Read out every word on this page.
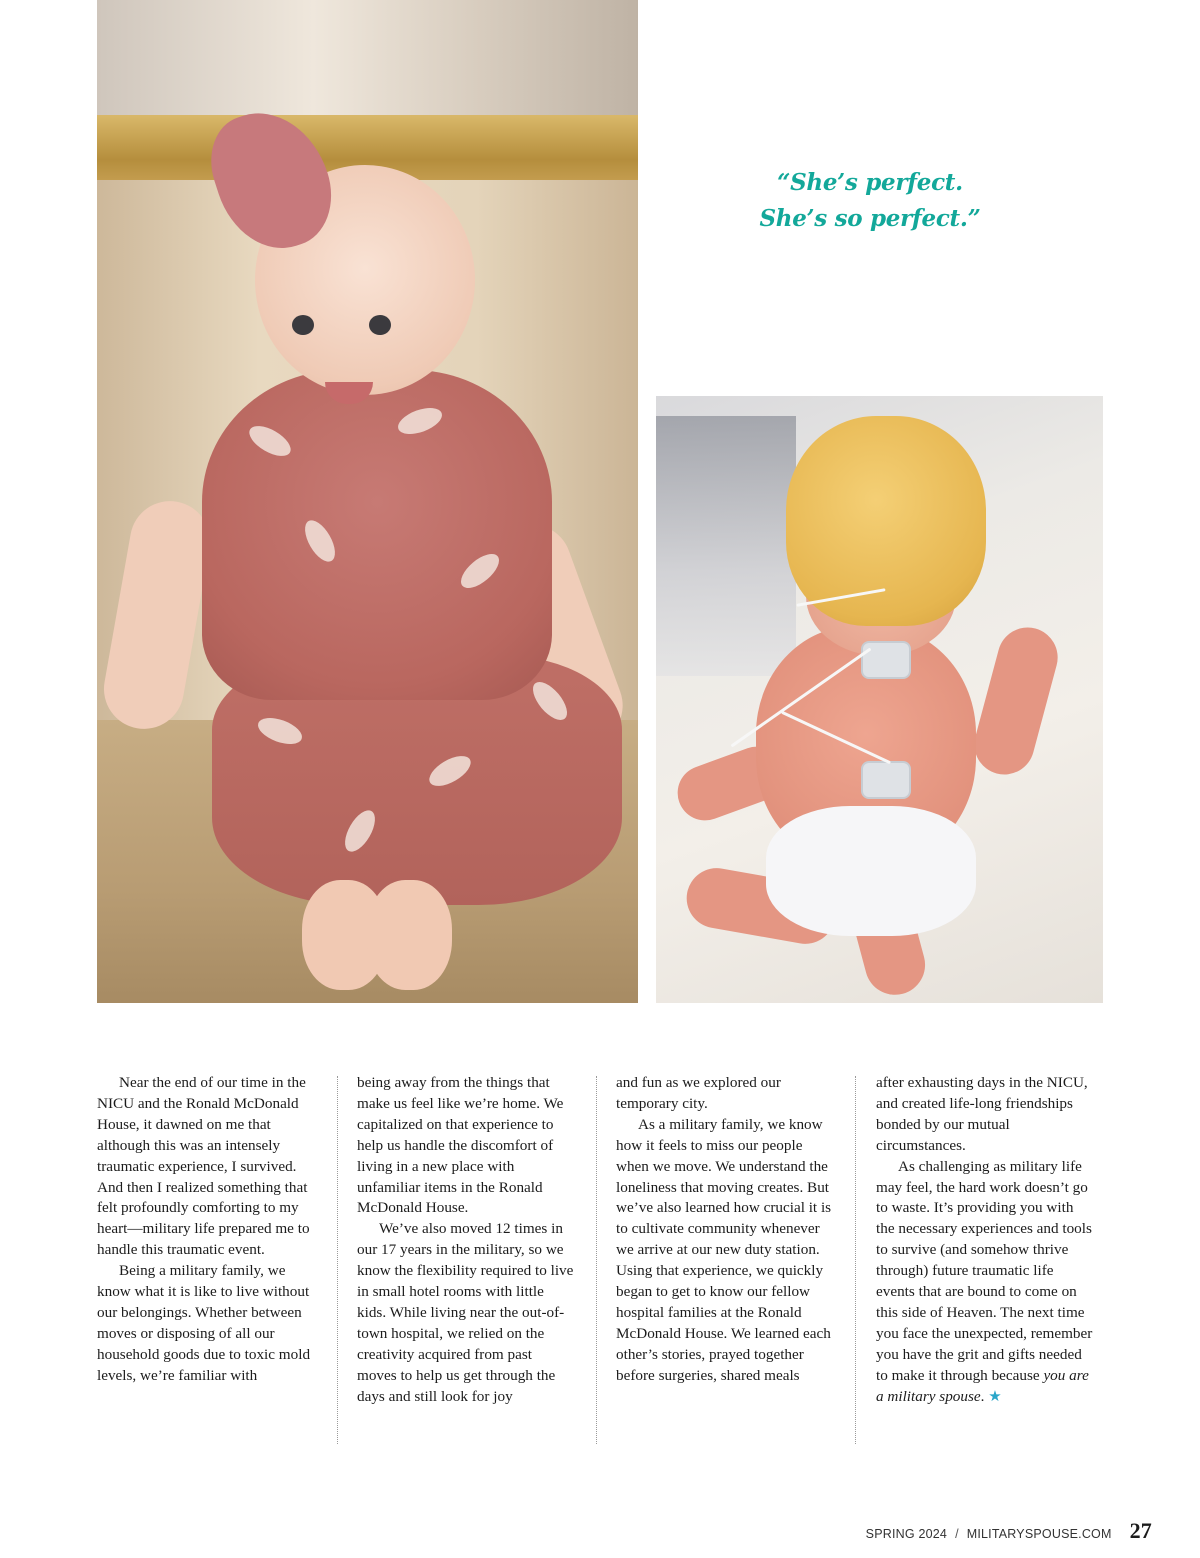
“She’s perfect.
She’s so perfect.”

Near the end of our time in the NICU and the Ronald McDonald House, it dawned on me that although this was an intensely traumatic experience, I survived. And then I realized something that felt profoundly comforting to my heart—military life prepared me to handle this traumatic event.

Being a military family, we know what it is like to live without our belongings. Whether between moves or disposing of all our household goods due to toxic mold levels, we’re familiar with

being away from the things that make us feel like we’re home. We capitalized on that experience to help us handle the discomfort of living in a new place with unfamiliar items in the Ronald McDonald House.

We’ve also moved 12 times in our 17 years in the military, so we know the flexibility required to live in small hotel rooms with little kids. While living near the out-of-town hospital, we relied on the creativity acquired from past moves to help us get through the days and still look for joy

and fun as we explored our temporary city.

As a military family, we know how it feels to miss our people when we move. We understand the loneliness that moving creates. But we’ve also learned how crucial it is to cultivate community whenever we arrive at our new duty station. Using that experience, we quickly began to get to know our fellow hospital families at the Ronald McDonald House. We learned each other’s stories, prayed together before surgeries, shared meals

after exhausting days in the NICU, and created life-long friendships bonded by our mutual circumstances.

As challenging as military life may feel, the hard work doesn’t go to waste. It’s providing you with the necessary experiences and tools to survive (and somehow thrive through) future traumatic life events that are bound to come on this side of Heaven. The next time you face the unexpected, remember you have the grit and gifts needed to make it through because you are a military spouse. ★

SPRING 2024 / MILITARYSPOUSE.COM 27
